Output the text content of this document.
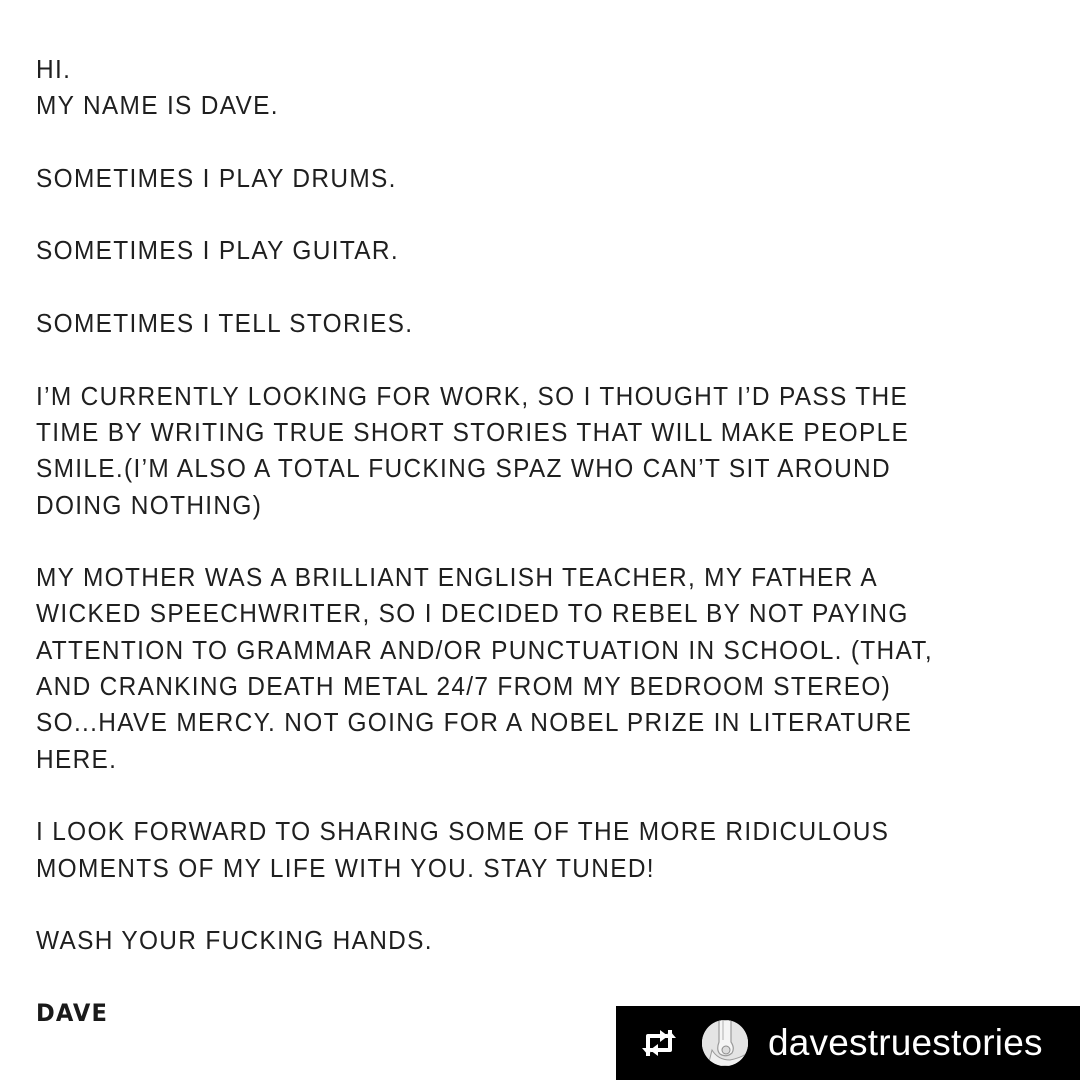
HI.
MY NAME IS DAVE.
SOMETIMES I PLAY DRUMS.
SOMETIMES I PLAY GUITAR.
SOMETIMES I TELL STORIES.
I’M CURRENTLY LOOKING FOR WORK, SO I THOUGHT I’D PASS THE
TIME BY WRITING TRUE SHORT STORIES THAT WILL MAKE PEOPLE
SMILE.(I’M ALSO A TOTAL FUCKING SPAZ WHO CAN’T SIT AROUND
DOING NOTHING)
MY MOTHER WAS A BRILLIANT ENGLISH TEACHER, MY FATHER A
WICKED SPEECHWRITER, SO I DECIDED TO REBEL BY NOT PAYING
ATTENTION TO GRAMMAR AND/OR PUNCTUATION IN SCHOOL. (THAT,
AND CRANKING DEATH METAL 24/7 FROM MY BEDROOM STEREO)
SO...HAVE MERCY. NOT GOING FOR A NOBEL PRIZE IN LITERATURE
HERE.
I LOOK FORWARD TO SHARING SOME OF THE MORE RIDICULOUS
MOMENTS OF MY LIFE WITH YOU. STAY TUNED!
WASH YOUR FUCKING HANDS.
DAVE
davestruestories
